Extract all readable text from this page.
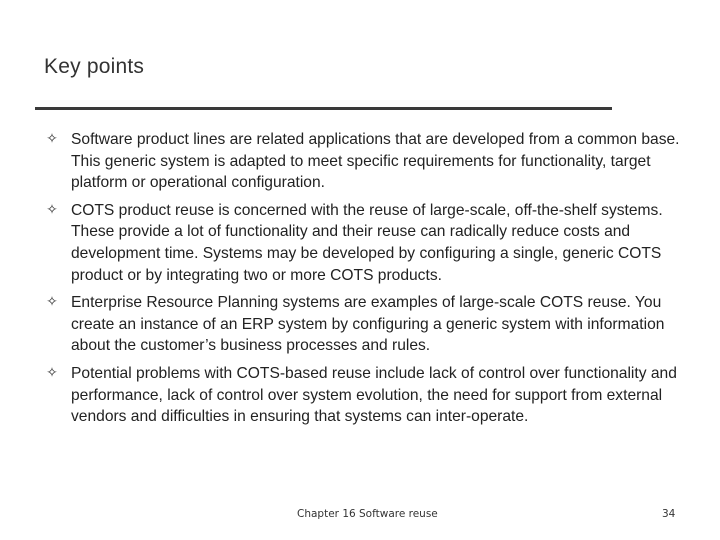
Key points
✧ Software product lines are related applications that are developed from a common base. This generic system is adapted to meet specific requirements for functionality, target platform or operational configuration.
✧ COTS product reuse is concerned with the reuse of large-scale, off-the-shelf systems. These provide a lot of functionality and their reuse can radically reduce costs and development time. Systems may be developed by configuring a single, generic COTS product or by integrating two or more COTS products.
✧ Enterprise Resource Planning systems are examples of large-scale COTS reuse. You create an instance of an ERP system by configuring a generic system with information about the customer’s business processes and rules.
✧ Potential problems with COTS-based reuse include lack of control over functionality and performance, lack of control over system evolution, the need for support from external vendors and difficulties in ensuring that systems can inter-operate.
Chapter 16 Software reuse	34
